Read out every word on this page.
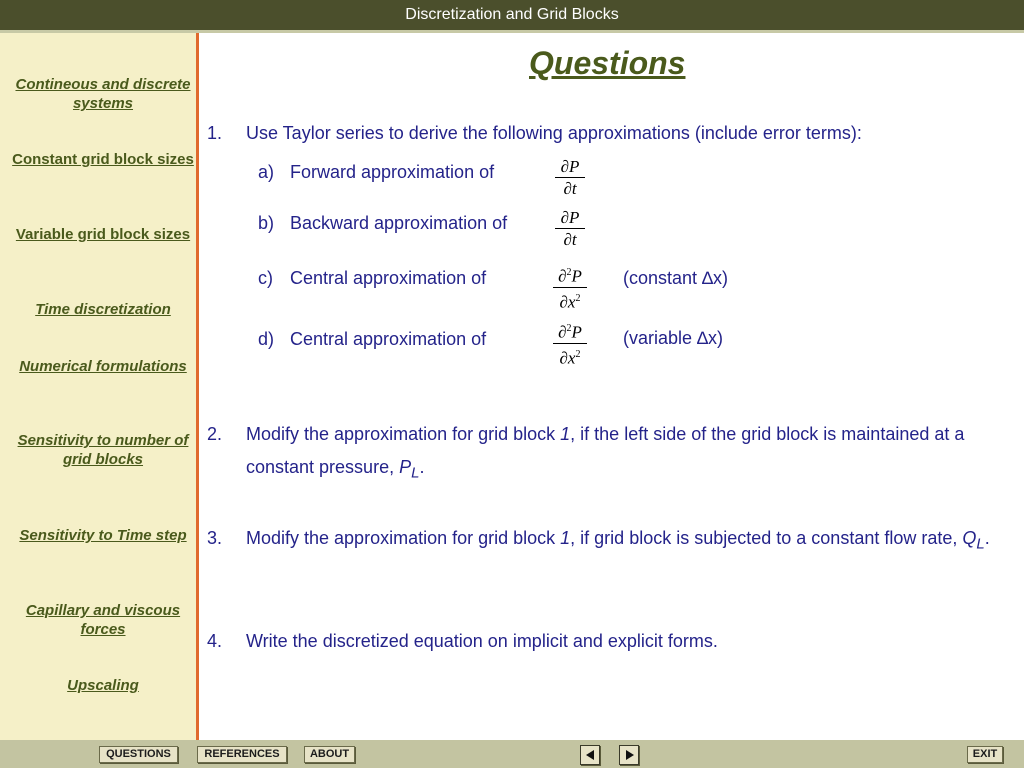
Discretization and Grid Blocks
Contineous and discrete systems
Constant grid block sizes
Variable grid block sizes
Time discretization
Numerical formulations
Sensitivity to number of grid blocks
Sensitivity to Time step
Capillary and viscous forces
Upscaling
Questions
1. Use Taylor series to derive the following approximations (include error terms):
a) Forward approximation of	∂P
∂t
b) Backward approximation of	∂P
∂t
c) Central approximation of	∂$^2$P
$\partial x^2$
(constant ∆x)
d) Central approximation of	∂$^2$P
$\partial x^2$
(variable ∆x)
2. Modify the approximation for grid block 1, if the left side of the grid block is maintained at a constant pressure, $P_L$.
3. Modify the approximation for grid block 1, if grid block is subjected to a constant flow rate, $Q_L$.
4. Write the discretized equation on implicit and explicit forms.
QUESTIONS	REFERENCES	ABOUT	EXIT
